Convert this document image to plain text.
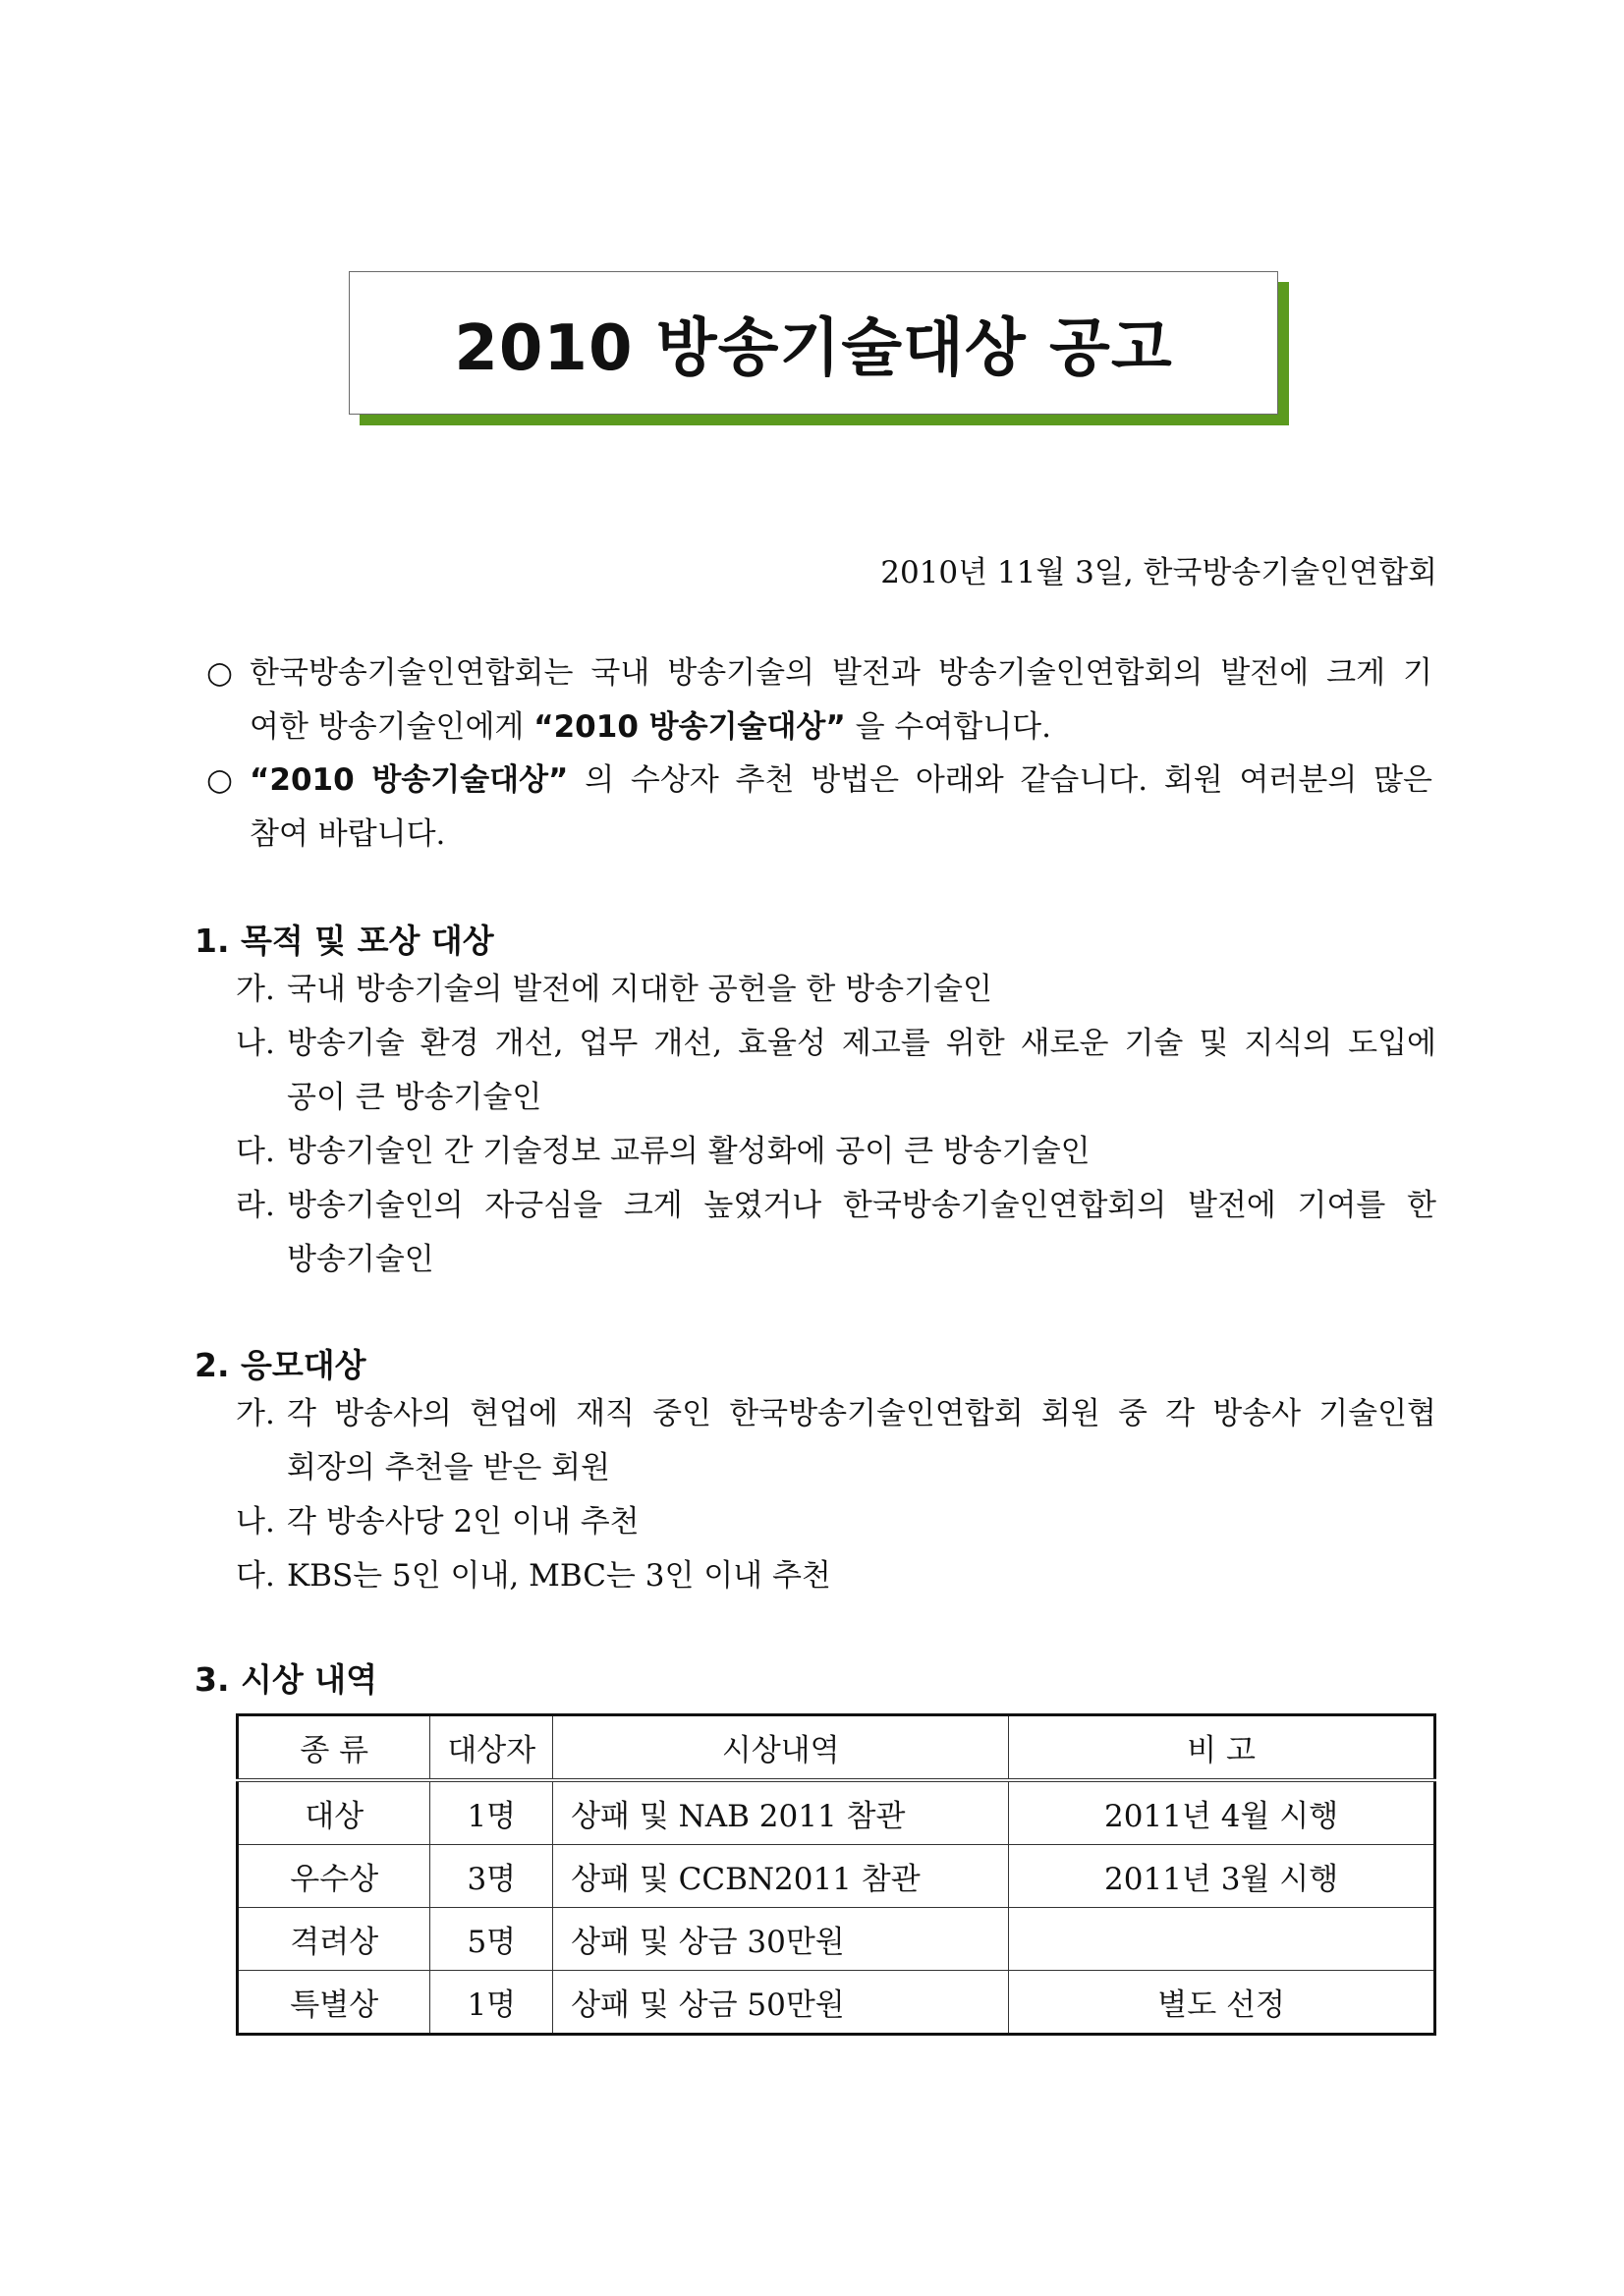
2010 방송기술대상 공고
2010년 11월 3일, 한국방송기술인연합회
○ 한국방송기술인연합회는 국내 방송기술의 발전과 방송기술인연합회의 발전에 크게 기
여한 방송기술인에게 “2010 방송기술대상” 을 수여합니다.
○ “2010 방송기술대상” 의 수상자 추천 방법은 아래와 같습니다. 회원 여러분의 많은
참여 바랍니다.
1. 목적 및 포상 대상
가. 국내 방송기술의 발전에 지대한 공헌을 한 방송기술인
나. 방송기술 환경 개선, 업무 개선, 효율성 제고를 위한 새로운 기술 및 지식의 도입에
공이 큰 방송기술인
다. 방송기술인 간 기술정보 교류의 활성화에 공이 큰 방송기술인
라. 방송기술인의 자긍심을 크게 높였거나 한국방송기술인연합회의 발전에 기여를 한
방송기술인
2. 응모대상
가. 각 방송사의 현업에 재직 중인 한국방송기술인연합회 회원 중 각 방송사 기술인협
회장의 추천을 받은 회원
나. 각 방송사당 2인 이내 추천
다. KBS는 5인 이내, MBC는 3인 이내 추천
3. 시상 내역
종 류	대상자	시상내역	비 고
대상	1명	상패 및 NAB 2011 참관	2011년 4월 시행
우수상	3명	상패 및 CCBN2011 참관	2011년 3월 시행
격려상	5명	상패 및 상금 30만원	
특별상	1명	상패 및 상금 50만원	별도 선정
